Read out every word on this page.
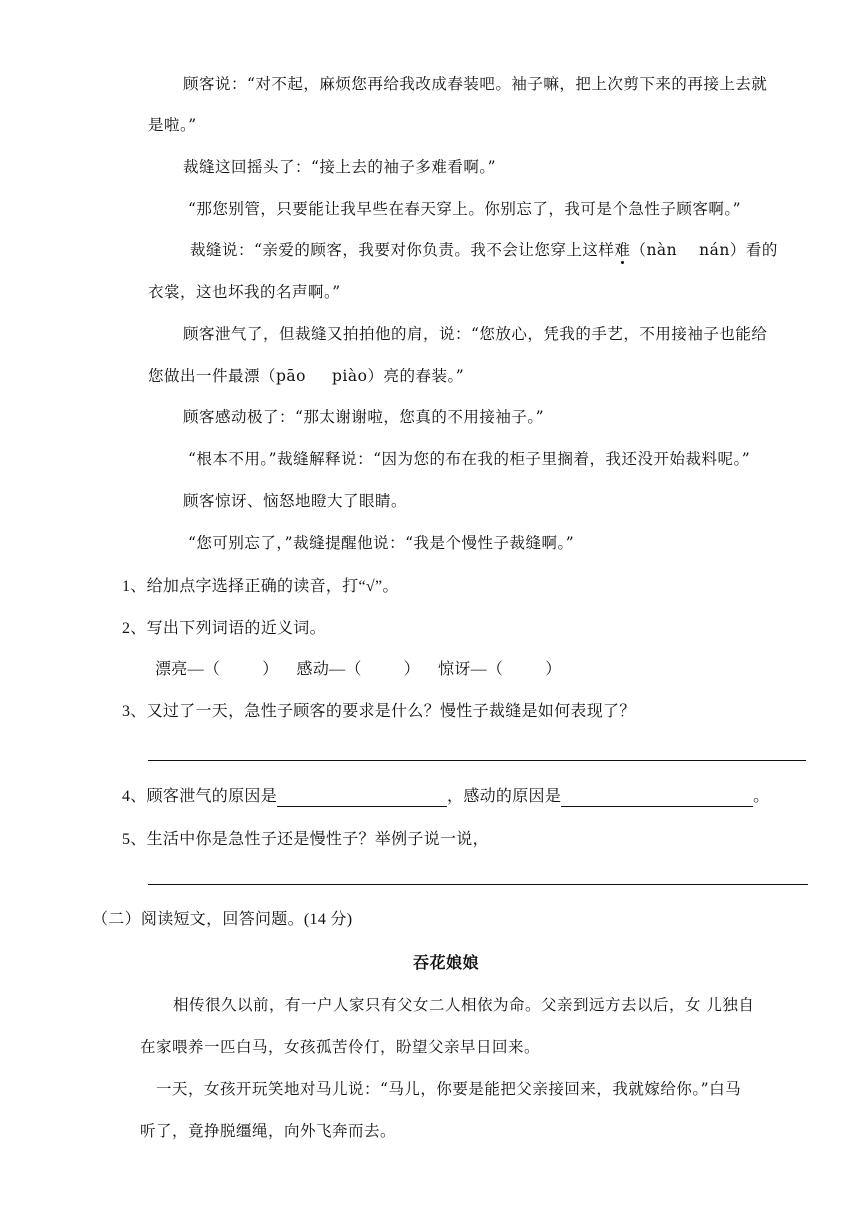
顾客说：“对不起，麻烦您再给我改成春装吧。袖子嘛，把上次剪下来的再接上去就
是啦。”
裁缝这回摇头了：“接上去的袖子多难看啊。”
“那您别管，只要能让我早些在春天穿上。你别忘了，我可是个急性子顾客啊。”
裁缝说：“亲爱的顾客，我要对你负责。我不会让您穿上这样难（nàn nán）看的
衣裳，这也坏我的名声啊。”
顾客泄气了，但裁缝又拍拍他的肩，说：“您放心，凭我的手艺，不用接袖子也能给
您做出一件最漂（pāo piào）亮的春装。”
顾客感动极了：“那太谢谢啦，您真的不用接袖子。”
“根本不用。”裁缝解释说：“因为您的布在我的柜子里搁着，我还没开始裁料呢。”
顾客惊讶、恼怒地瞪大了眼睛。
“您可别忘了，”裁缝提醒他说：“我是个慢性子裁缝啊。”
1、给加点字选择正确的读音，打“√”。
2、写出下列词语的近义词。
漂亮—（	） 感动—（	） 惊讶—（	）
3、又过了一天，急性子顾客的要求是什么？慢性子裁缝是如何表现了？
4、顾客泄气的原因是	，感动的原因是	。
5、生活中你是急性子还是慢性子？举例子说一说，
（二）阅读短文，回答问题。(14 分)
吞花娘娘
相传很久以前，有一户人家只有父女二人相依为命。父亲到远方去以后，女 儿独自
在家喂养一匹白马，女孩孤苦伶仃，盼望父亲早日回来。
一天，女孩开玩笑地对马儿说：“马儿，你要是能把父亲接回来，我就嫁给你。”白马
听了，竟挣脱缰绳，向外飞奔而去。
